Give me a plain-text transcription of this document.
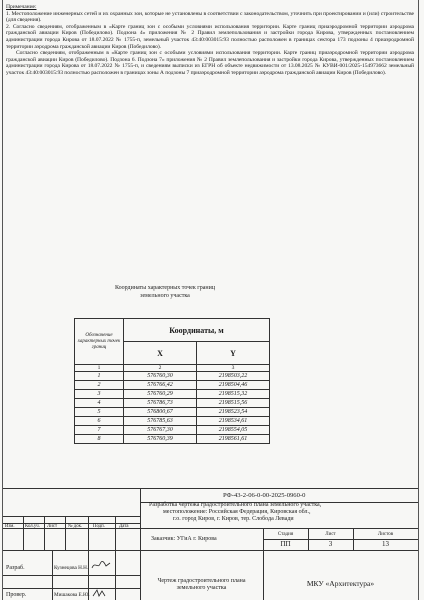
Примечание:

1. Местоположение инженерных сетей и их охранных зон, которые не установлены в соответствии с законодательством, уточнить при проектировании и (или) строительстве (для сведения).

2. Согласно сведениям, отображенным в «Карте границ зон с особыми условиями использования территории. Карте границ приаэродромной территории аэродрома гражданской авиации Киров (Победилово). Подзона 4» приложения № 2 Правил землепользования и застройки города Кирова, утвержденных постановлением администрации города Кирова от 18.07.2022 № 1755-п, земельный участок 43:40:003015:93 полностью расположен в границах сектора 173 подзоны 4 приаэродромной территории аэродрома гражданской авиации Киров (Победилово).

Согласно сведениям, отображенным в «Карте границ зон с особыми условиями использования территории. Карте границ приаэродромной территории аэродрома гражданской авиации Киров (Победилово). Подзона 6. Подзона 7» приложения № 2 Правил землепользования и застройки города Кирова, утвержденных постановлением администрации города Кирова от 18.07.2022 № 1755-п, и сведениям выписки из ЕГРН об объекте недвижимости от 13.08.2025 № КУВИ-001/2025-154973662 земельный участок 43:40:003015:93 полностью расположен в границах зоны А подзоны 7 приаэродромной территории аэродрома гражданской авиации Киров (Победилово).

Координаты характерных точек границ
земельного участка
Обозначение характерных точек границ	Координаты, м	
	X	Y
1	2	3
1	576760,30	2198503,22
2	576766,42	2198504,46
3	576760,29	2198515,32
4	576786,73	2198515,56
5	576800,67	2198523,54
6	576785,63	2198534,61
7	576767,30	2198554,05
8	576760,39	2198561,61
РФ-43-2-06-0-00-2025-0960-0
Разработка чертежа градостроительного плана земельного участка,
местоположение: Российская Федерация, Кировская обл.,
г.о. город Киров, г. Киров, тер. Слобода Левади
Изм. Кол.уч. Лист № док. Подп.	Дата
Заказчик: УГиА г. Кирова
Стадия	Лист	Листов
ПП	3	13
Разраб.	Кузнецова Н.Н.
Провер.	Мишакова Е.Ю.
Чертеж градостроительного плана
земельного участка	МКУ «Архитектура»
